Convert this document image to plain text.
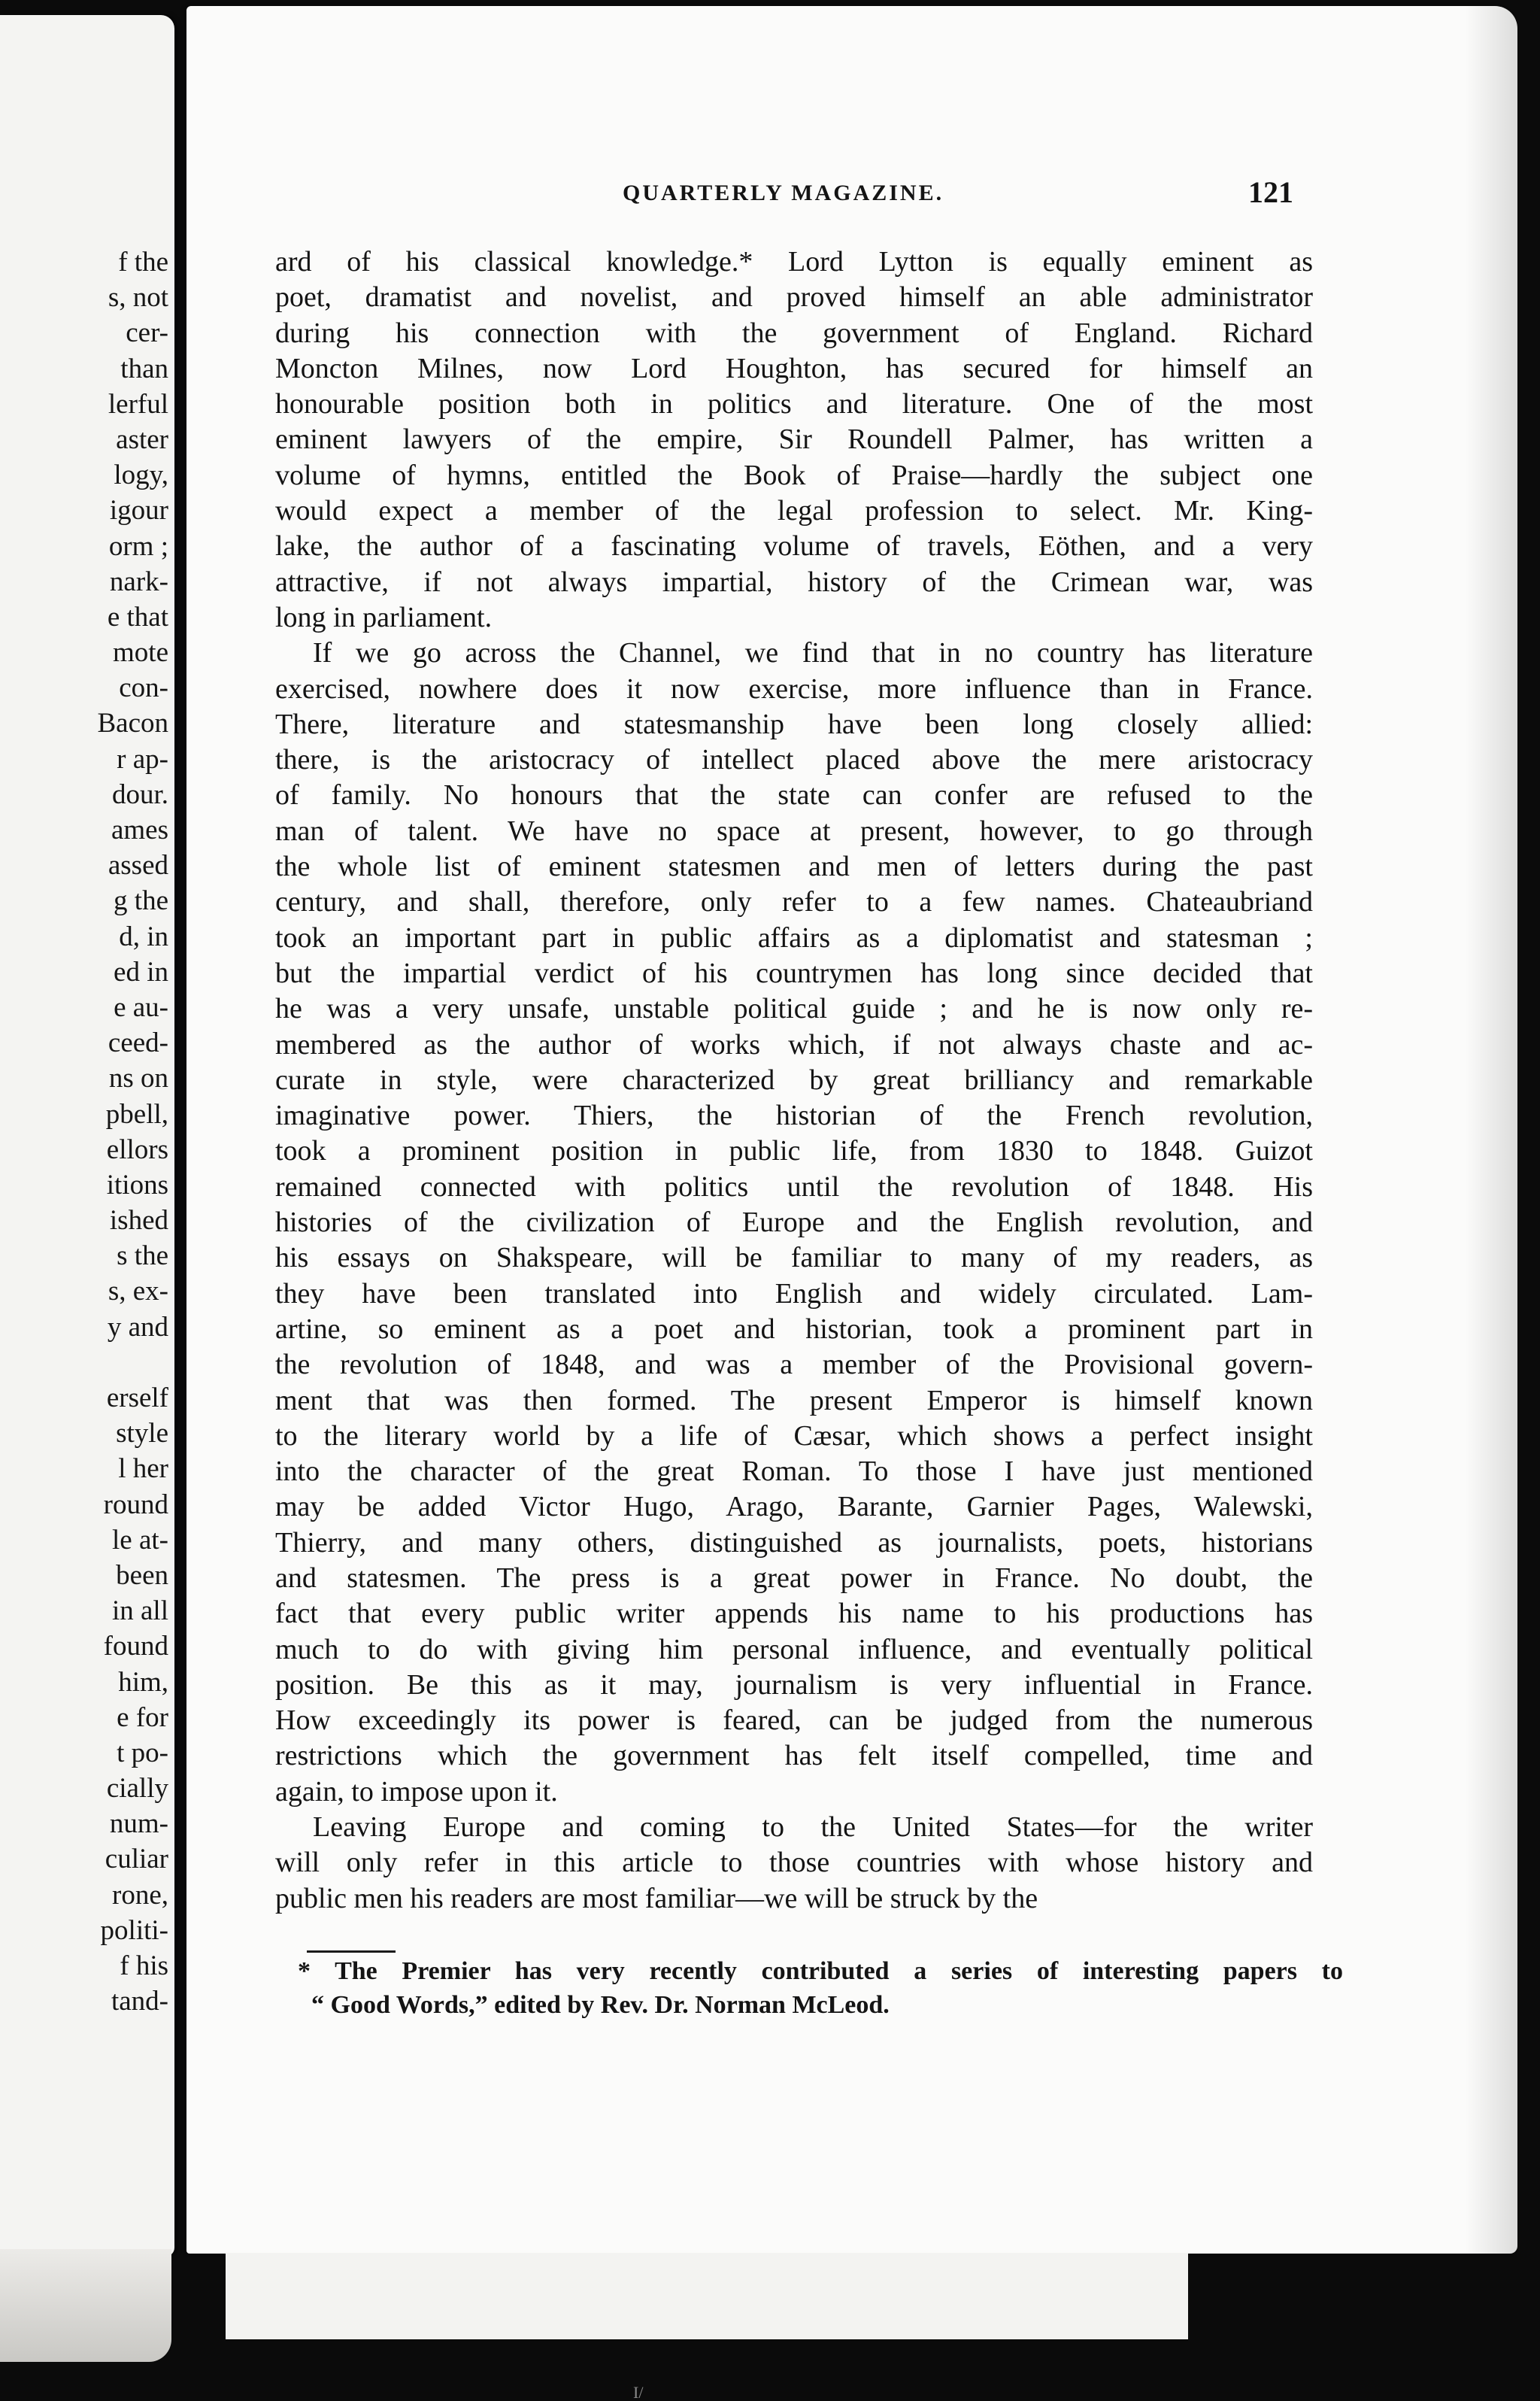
f the
s, not
cer-
than
lerful
aster
logy,
igour
orm ;
nark-
e that
mote
con-
Bacon
r ap-
dour.
ames
assed
g the
d, in
ed in
e au-
ceed-
ns on
pbell,
ellors
itions
ished
s the
s, ex-
y and
erself
style
l her
round
le at-
been
in all
found
him,
e for
t po-
cially
num-
culiar
rone,
politi-
f his
tand-
QUARTERLY MAGAZINE.	121
ard of his classical knowledge.* Lord Lytton is equally eminent as
poet, dramatist and novelist, and proved himself an able administrator
during his connection with the government of England. Richard
Moncton Milnes, now Lord Houghton, has secured for himself an
honourable position both in politics and literature. One of the most
eminent lawyers of the empire, Sir Roundell Palmer, has written a
volume of hymns, entitled the Book of Praise—hardly the subject one
would expect a member of the legal profession to select. Mr. King-
lake, the author of a fascinating volume of travels, Eöthen, and a very
attractive, if not always impartial, history of the Crimean war, was
long in parliament.
If we go across the Channel, we find that in no country has literature
exercised, nowhere does it now exercise, more influence than in France.
There, literature and statesmanship have been long closely allied:
there, is the aristocracy of intellect placed above the mere aristocracy
of family. No honours that the state can confer are refused to the
man of talent. We have no space at present, however, to go through
the whole list of eminent statesmen and men of letters during the past
century, and shall, therefore, only refer to a few names. Chateaubriand
took an important part in public affairs as a diplomatist and statesman ;
but the impartial verdict of his countrymen has long since decided that
he was a very unsafe, unstable political guide ; and he is now only re-
membered as the author of works which, if not always chaste and ac-
curate in style, were characterized by great brilliancy and remarkable
imaginative power. Thiers, the historian of the French revolution,
took a prominent position in public life, from 1830 to 1848. Guizot
remained connected with politics until the revolution of 1848. His
histories of the civilization of Europe and the English revolution, and
his essays on Shakspeare, will be familiar to many of my readers, as
they have been translated into English and widely circulated. Lam-
artine, so eminent as a poet and historian, took a prominent part in
the revolution of 1848, and was a member of the Provisional govern-
ment that was then formed. The present Emperor is himself known
to the literary world by a life of Cæsar, which shows a perfect insight
into the character of the great Roman. To those I have just mentioned
may be added Victor Hugo, Arago, Barante, Garnier Pages, Walewski,
Thierry, and many others, distinguished as journalists, poets, historians
and statesmen. The press is a great power in France. No doubt, the
fact that every public writer appends his name to his productions has
much to do with giving him personal influence, and eventually political
position. Be this as it may, journalism is very influential in France.
How exceedingly its power is feared, can be judged from the numerous
restrictions which the government has felt itself compelled, time and
again, to impose upon it.
Leaving Europe and coming to the United States—for the writer
will only refer in this article to those countries with whose history and
public men his readers are most familiar—we will be struck by the
* The Premier has very recently contributed a series of interesting papers to
“ Good Words,” edited by Rev. Dr. Norman McLeod.
I/
